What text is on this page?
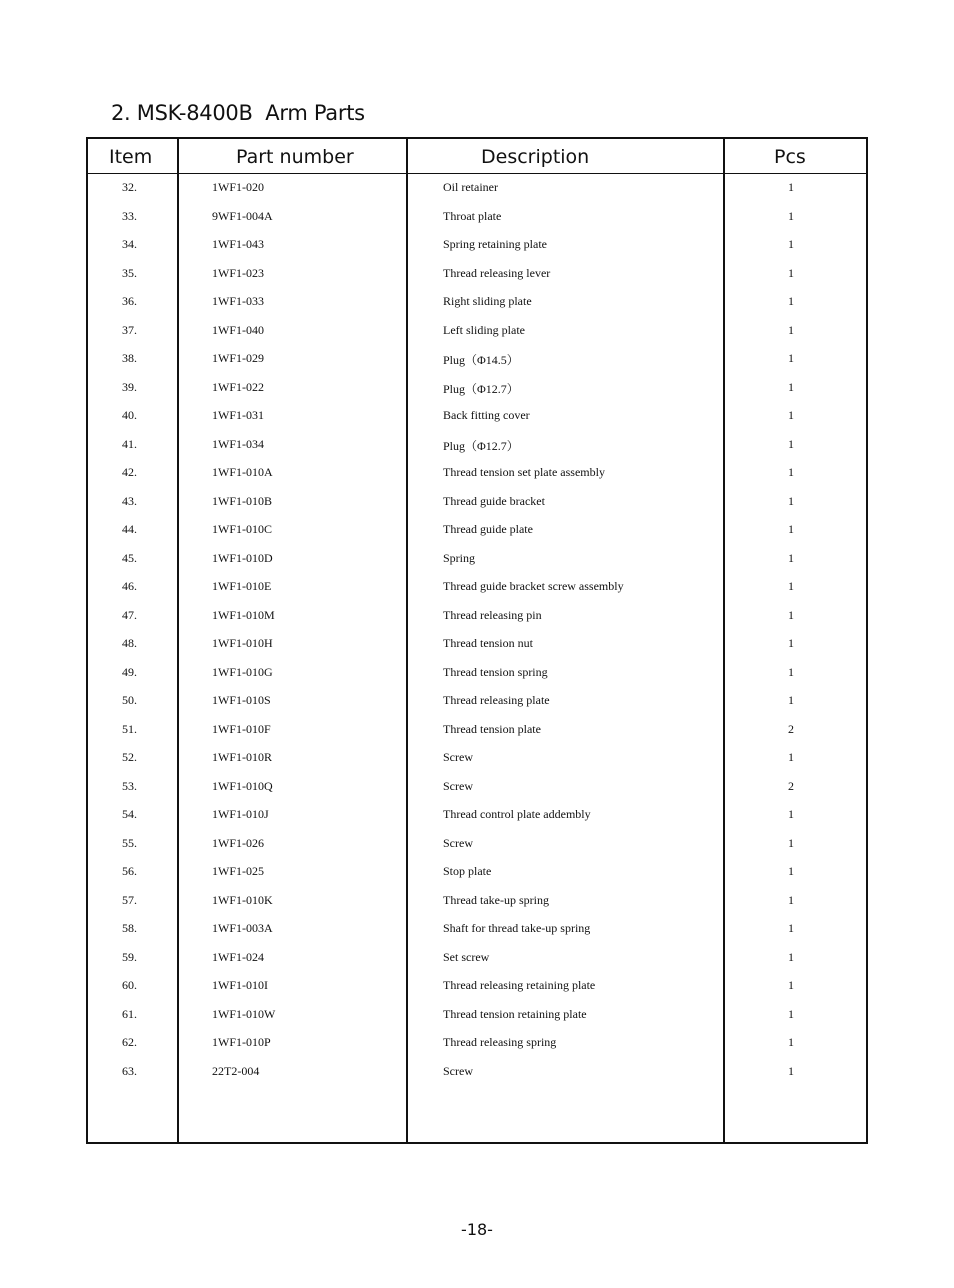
2. MSK-8400B  Arm Parts
Item	Part number	Description	Pcs
32.	1WF1-020	Oil retainer	1
33.	9WF1-004A	Throat plate	1
34.	1WF1-043	Spring retaining plate	1
35.	1WF1-023	Thread releasing lever	1
36.	1WF1-033	Right sliding plate	1
37.	1WF1-040	Left sliding plate	1
38.	1WF1-029	Plug（Φ14.5）	1
39.	1WF1-022	Plug（Φ12.7）	1
40.	1WF1-031	Back fitting cover	1
41.	1WF1-034	Plug（Φ12.7）	1
42.	1WF1-010A	Thread tension set plate assembly	1
43.	1WF1-010B	Thread guide bracket	1
44.	1WF1-010C	Thread guide plate	1
45.	1WF1-010D	Spring	1
46.	1WF1-010E	Thread guide bracket screw assembly	1
47.	1WF1-010M	Thread releasing pin	1
48.	1WF1-010H	Thread tension nut	1
49.	1WF1-010G	Thread tension spring	1
50.	1WF1-010S	Thread releasing plate	1
51.	1WF1-010F	Thread tension plate	2
52.	1WF1-010R	Screw	1
53.	1WF1-010Q	Screw	2
54.	1WF1-010J	Thread control plate addembly	1
55.	1WF1-026	Screw	1
56.	1WF1-025	Stop plate	1
57.	1WF1-010K	Thread take-up spring	1
58.	1WF1-003A	Shaft for thread take-up spring	1
59.	1WF1-024	Set screw	1
60.	1WF1-010I	Thread releasing retaining plate	1
61.	1WF1-010W	Thread tension retaining plate	1
62.	1WF1-010P	Thread releasing spring	1
63.	22T2-004	Screw	1
-18-
